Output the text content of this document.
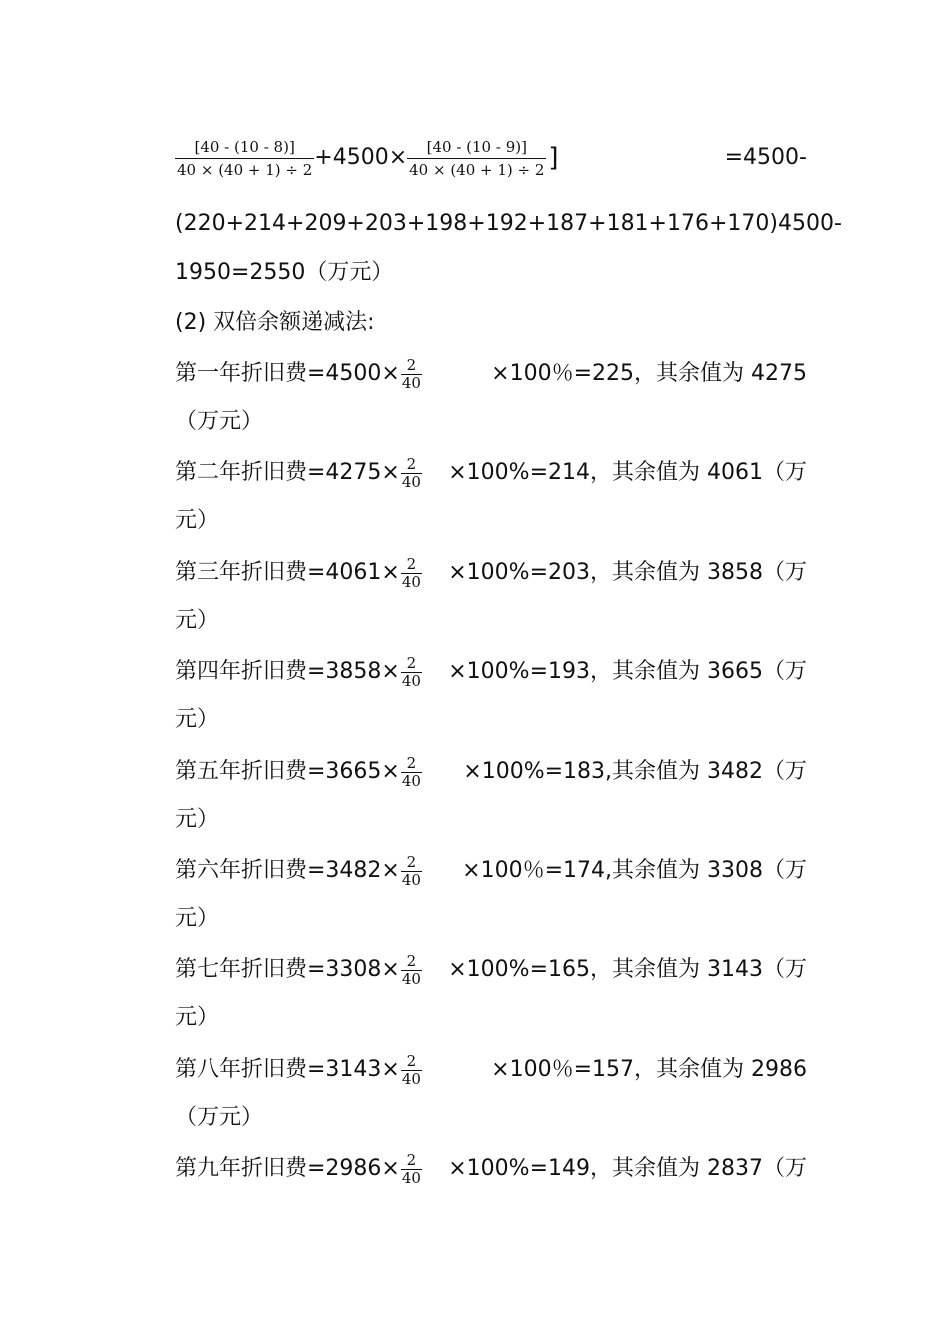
$\frac{[40 - (10 - 8)]}{40 \times (40 + 1) \div 2} +4500\times \frac{[40 - (10 - 9)]}{40 \times (40 + 1) \div 2}$ ]	=4500-
( 220+214+209+203+198+192+187+181+176+170)4500-
1950=2550（万元）
(2) 双倍余额递减法:
第一年折旧费$=4500\times \frac{2}{40}$	×100％=225，其余值为 4275
（万元）
第二年折旧费$=4275\times \frac{2}{40} \times 100\%=214$，其余值为 4061（万
元）
第三年折旧费$=4061\times \frac{2}{40} \times 100\%=203$，其余值为 3858（万
元）
第四年折旧费$=3858\times \frac{2}{40} \times 100\%=193$，其余值为 3665（万
元）
第五年折旧费$=3665\times \frac{2}{40} \times 100\%=183$,其余值为 3482（万
元）
第六年折旧费$=3482\times \frac{2}{40} \times 100$％=174,其余值为 3308（万
元）
第七年折旧费$=3308\times \frac{2}{40} \times 100\%=165$，其余值为 3143（万
元）
第八年折旧费$=3143\times \frac{2}{40}$	×100％=157，其余值为 2986
（万元）
第九年折旧费$=2986\times \frac{2}{40} \times 100\%=149$，其余值为 2837（万
